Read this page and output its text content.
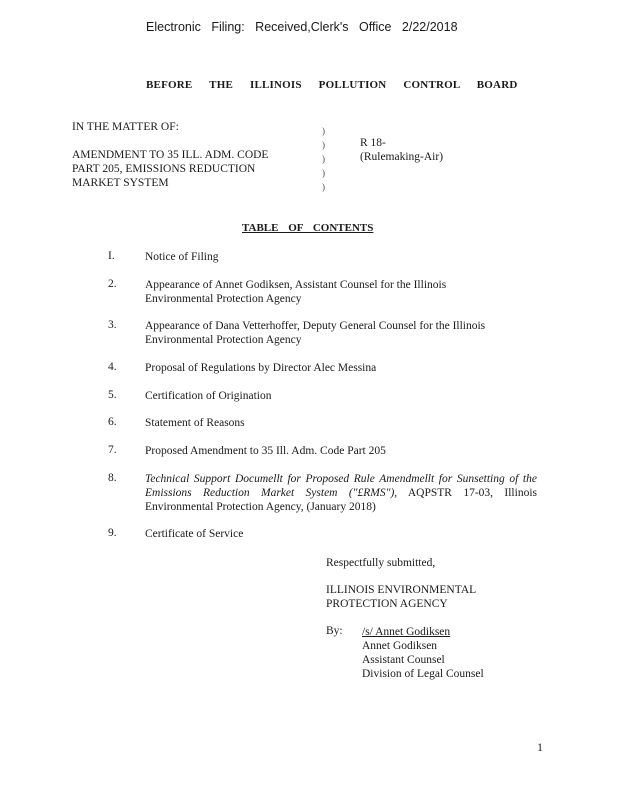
Electronic Filing: Received,Clerk's Office 2/22/2018
BEFORE THE ILLINOIS POLLUTION CONTROL BOARD
IN THE MATTER OF:
AMENDMENT TO 35 ILL. ADM. CODE
PART 205, EMISSIONS REDUCTION
MARKET SYSTEM
)
)
)
)
)
R 18-
(Rulemaking-Air)
TABLE OF CONTENTS
I.	Notice of Filing
2. Appearance of Annet Godiksen, Assistant Counsel for the Illinois
Environmental Protection Agency
3. Appearance of Dana Vetterhoffer, Deputy General Counsel for the Illinois
Environmental Protection Agency
4. Proposal of Regulations by Director Alec Messina
5. Certification of Origination
6. Statement of Reasons
7. Proposed Amendment to 35 Ill. Adm. Code Part 205
8. Technical Support Documellt for Proposed Rule Amendmellt for Sunsetting of the Emissions Reduction Market System ("£RMS"), AQPSTR 17-03, Illinois Environmental Protection Agency, (January 2018)
9. Certificate of Service
Respectfully submitted,
ILLINOIS ENVIRONMENTAL
PROTECTION AGENCY
By: /s/ Annet Godiksen
Annet Godiksen
Assistant Counsel
Division of Legal Counsel
1
